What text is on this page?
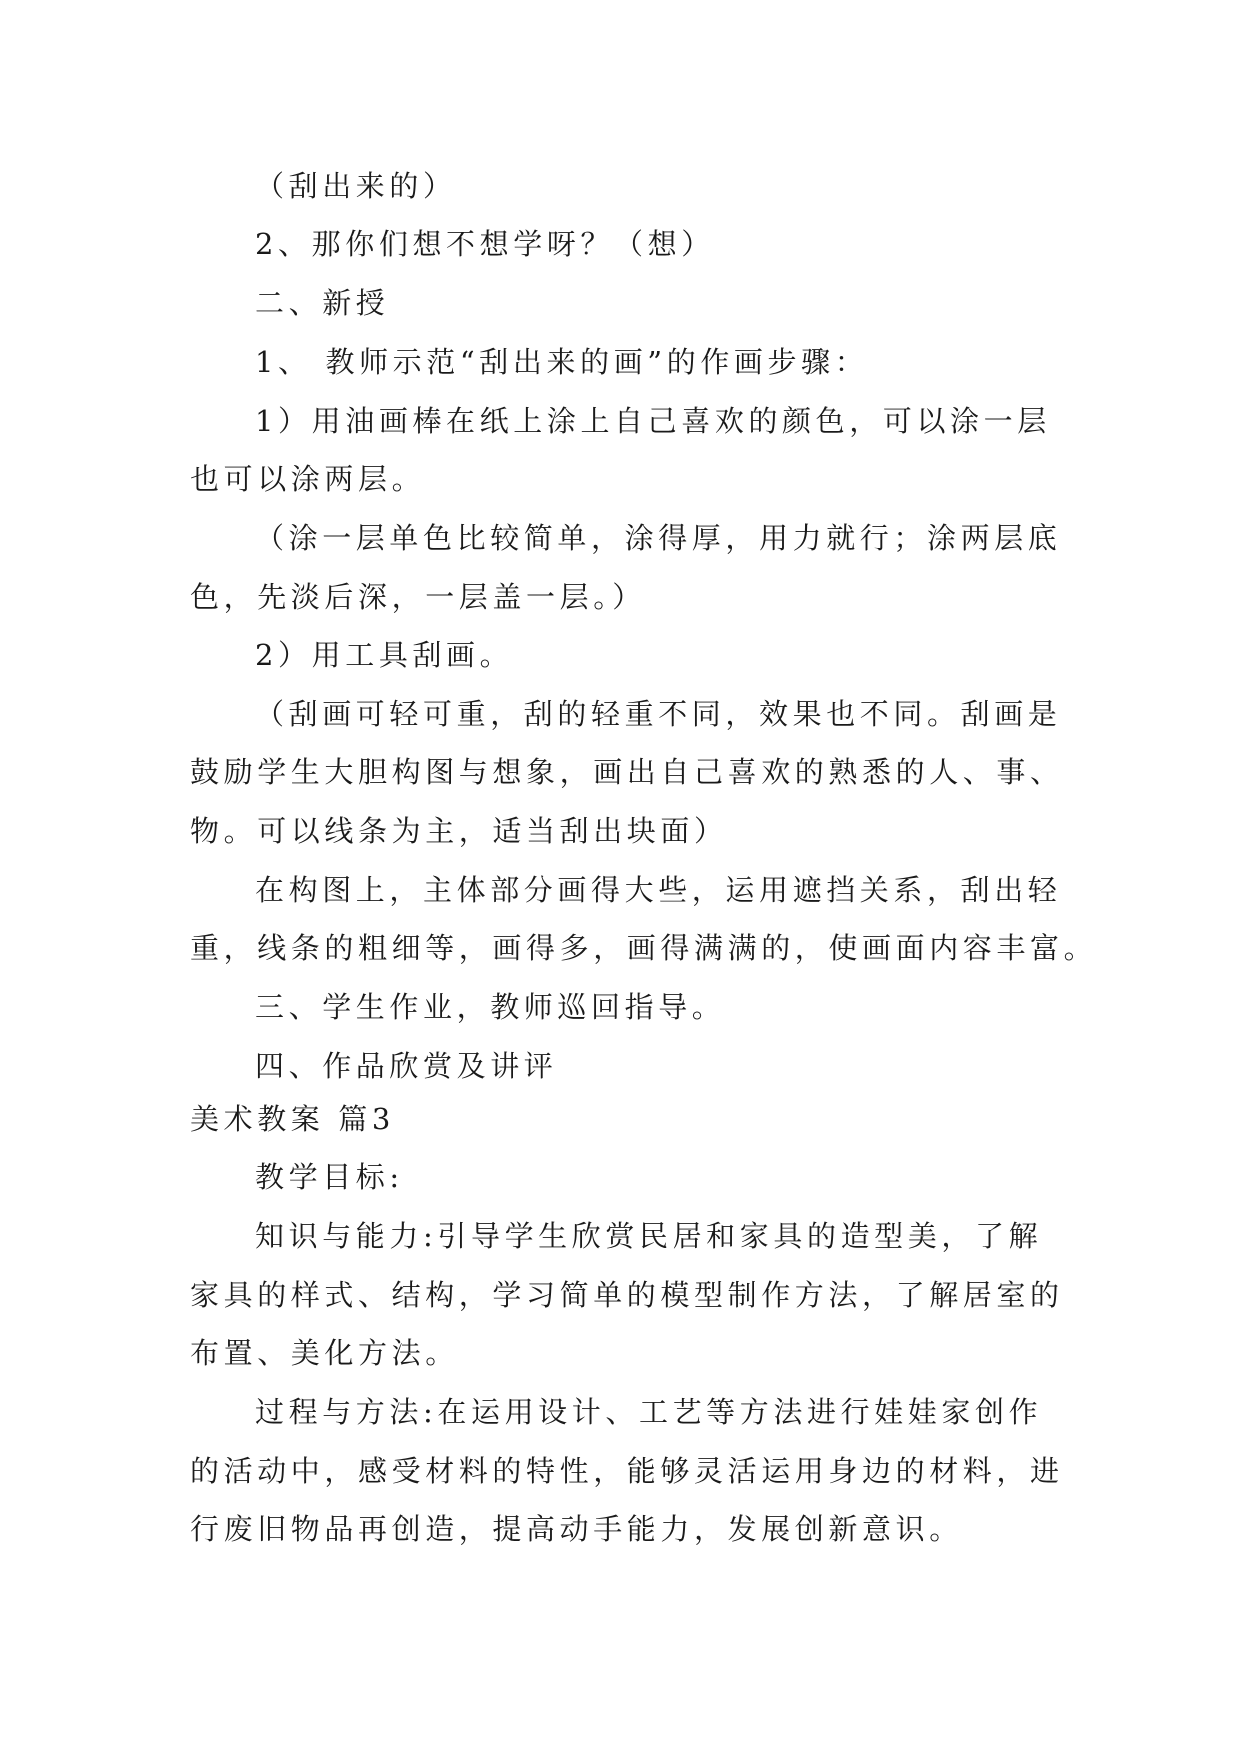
（刮出来的）
2、那你们想不想学呀？（想）
二、新授
1、 教师示范“刮出来的画”的作画步骤：
1）用油画棒在纸上涂上自己喜欢的颜色，可以涂一层
也可以涂两层。
（涂一层单色比较简单，涂得厚，用力就行；涂两层底
色，先淡后深，一层盖一层。）
2）用工具刮画。
（刮画可轻可重，刮的轻重不同，效果也不同。刮画是
鼓励学生大胆构图与想象，画出自己喜欢的熟悉的人、事、
物。可以线条为主，适当刮出块面）
在构图上，主体部分画得大些，运用遮挡关系，刮出轻
重，线条的粗细等，画得多，画得满满的，使画面内容丰富。
三、学生作业，教师巡回指导。
四、作品欣赏及讲评
美术教案 篇3
教学目标:
知识与能力:引导学生欣赏民居和家具的造型美，了解
家具的样式、结构，学习简单的模型制作方法，了解居室的
布置、美化方法。
过程与方法:在运用设计、工艺等方法进行娃娃家创作
的活动中，感受材料的特性，能够灵活运用身边的材料，进
行废旧物品再创造，提高动手能力，发展创新意识。
